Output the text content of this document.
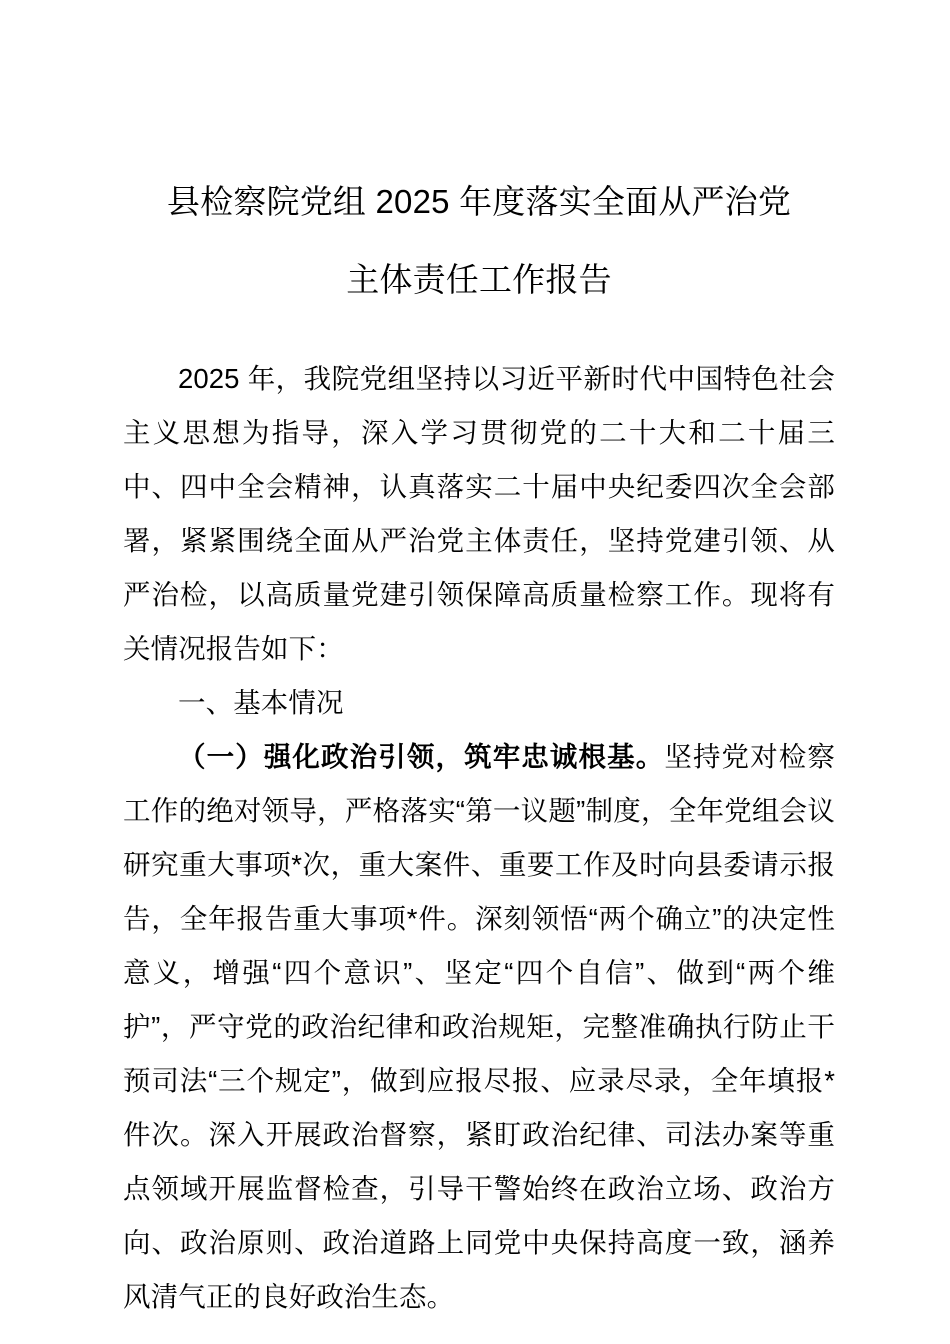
县检察院党组 2025 年度落实全面从严治党
主体责任工作报告

2025 年，我院党组坚持以习近平新时代中国特色社会主义思想为指导，深入学习贯彻党的二十大和二十届三中、四中全会精神，认真落实二十届中央纪委四次全会部署，紧紧围绕全面从严治党主体责任，坚持党建引领、从严治检，以高质量党建引领保障高质量检察工作。现将有关情况报告如下：

一、基本情况

（一）强化政治引领，筑牢忠诚根基。坚持党对检察工作的绝对领导，严格落实“第一议题”制度，全年党组会议研究重大事项*次，重大案件、重要工作及时向县委请示报告，全年报告重大事项*件。深刻领悟“两个确立”的决定性意义，增强“四个意识”、坚定“四个自信”、做到“两个维护”，严守党的政治纪律和政治规矩，完整准确执行防止干预司法“三个规定”，做到应报尽报、应录尽录，全年填报*件次。深入开展政治督察，紧盯政治纪律、司法办案等重点领域开展监督检查，引导干警始终在政治立场、政治方向、政治原则、政治道路上同党中央保持高度一致，涵养风清气正的良好政治生态。
